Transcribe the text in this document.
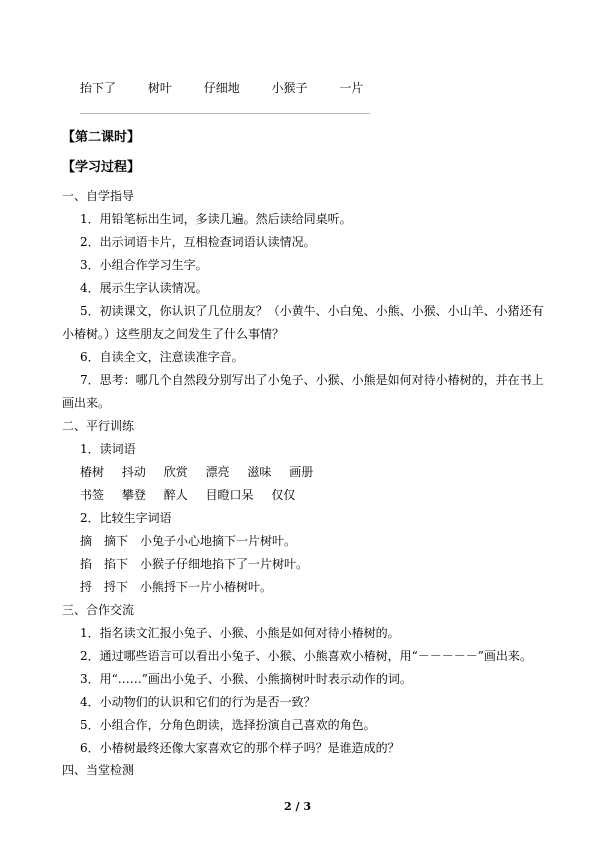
抬下了	树叶	仔细地	小猴子	一片
【第二课时】
【学习过程】
一、自学指导
1．用铅笔标出生词，多读几遍。然后读给同桌听。
2．出示词语卡片，互相检查词语认读情况。
3．小组合作学习生字。
4．展示生字认读情况。
5．初读课文，你认识了几位朋友？（小黄牛、小白兔、小熊、小猴、小山羊、小猪还有
小椿树。）这些朋友之间发生了什么事情？
6．自读全文，注意读准字音。
7．思考：哪几个自然段分别写出了小兔子、小猴、小熊是如何对待小椿树的，并在书上
画出来。
二、平行训练
1．读词语
椿树 抖动 欣赏 漂亮 滋味 画册
书签 攀登 醉人 目瞪口呆 仅仅
2．比较生字词语
摘　摘下　小兔子小心地摘下一片树叶。
掐　掐下　小猴子仔细地掐下了一片树叶。
捋　捋下　小熊捋下一片小椿树叶。
三、合作交流
1．指名读文汇报小兔子、小猴、小熊是如何对待小椿树的。
2．通过哪些语言可以看出小兔子、小猴、小熊喜欢小椿树，用“－－－－－”画出来。
3．用“……”画出小兔子、小猴、小熊摘树叶时表示动作的词。
4．小动物们的认识和它们的行为是否一致？
5．小组合作，分角色朗读，选择扮演自己喜欢的角色。
6．小椿树最终还像大家喜欢它的那个样子吗？是谁造成的？
四、当堂检测
2 / 3
